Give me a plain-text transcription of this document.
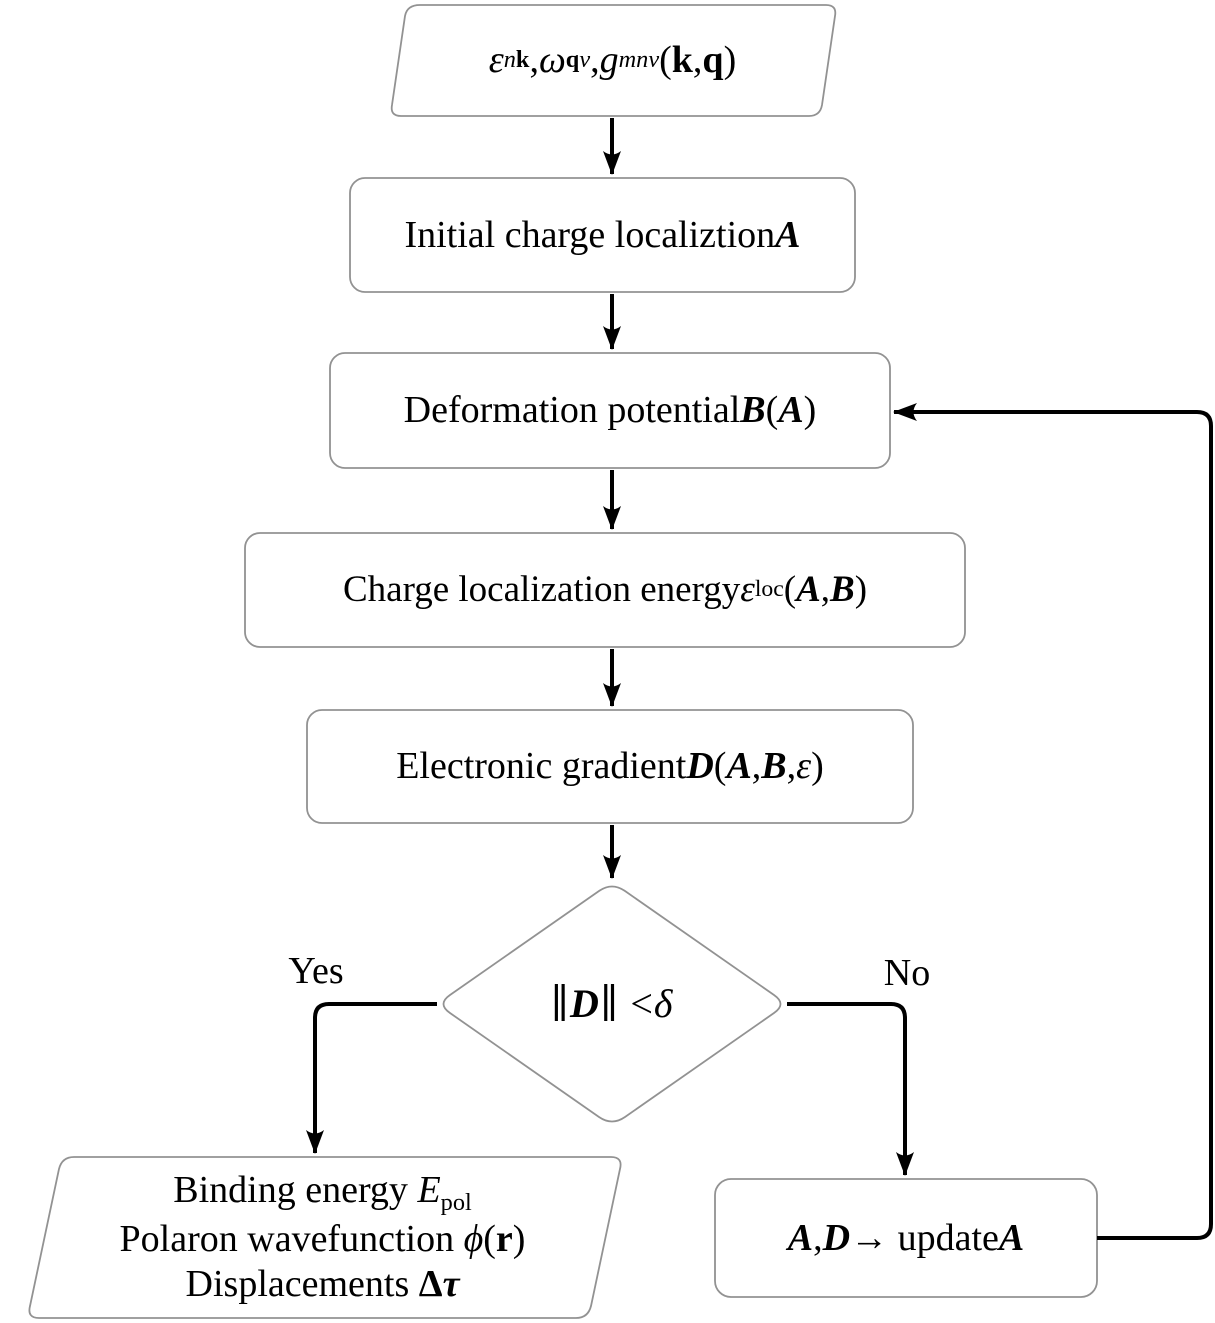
ε n k , ω q ν , g mnν ( k , q )
Initial charge localiztion A
Deformation potential B ( A )
Charge localization energy ε loc ( A , B )
Electronic gradient D ( A , B , ε )
∥ D ∥ < δ
Yes	No
Binding energy $E_{pol}$
Polaron wavefunction ϕ(r)
Displacements Δτ
A , D → update A
